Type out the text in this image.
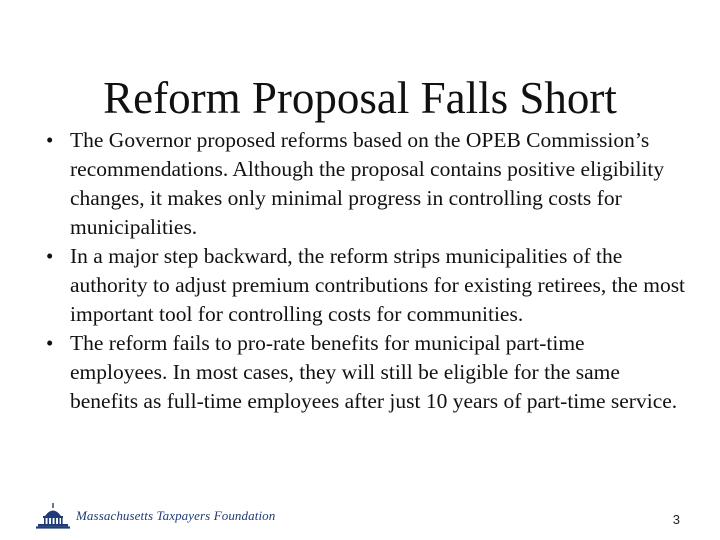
Reform Proposal Falls Short
• The Governor proposed reforms based on the OPEB Commission’s recommendations. Although the proposal contains positive eligibility changes, it makes only minimal progress in controlling costs for municipalities.
• In a major step backward, the reform strips municipalities of the authority to adjust premium contributions for existing retirees, the most important tool for controlling costs for communities.
• The reform fails to pro-rate benefits for municipal part-time employees. In most cases, they will still be eligible for the same benefits as full-time employees after just 10 years of part-time service.
Massachusetts Taxpayers Foundation	3
